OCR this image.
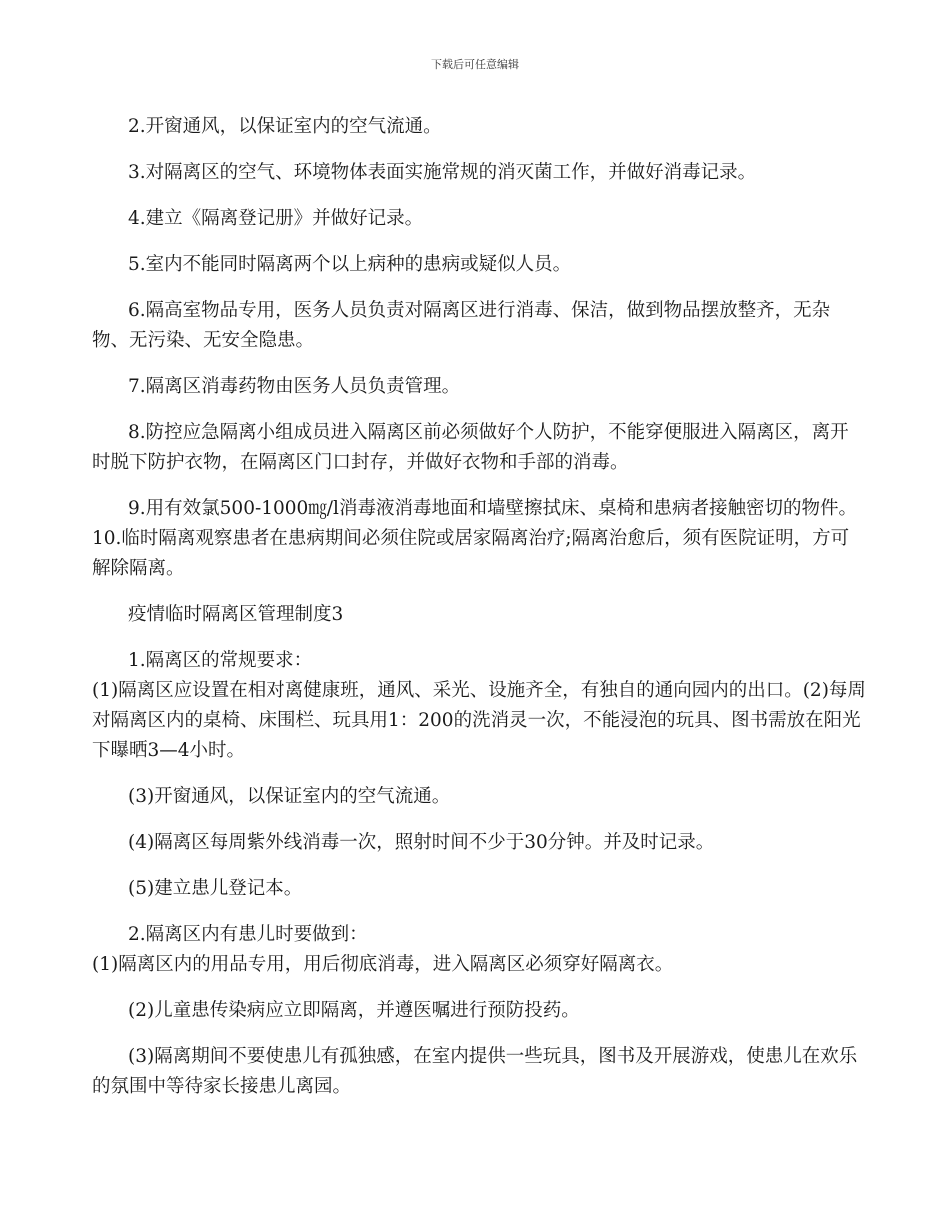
下载后可任意编辑

2.开窗通风，以保证室内的空气流通。

3.对隔离区的空气、环境物体表面实施常规的消灭菌工作，并做好消毒记录。

4.建立《隔离登记册》并做好记录。

5.室内不能同时隔离两个以上病种的患病或疑似人员。

6.隔高室物品专用，医务人员负责对隔离区进行消毒、保洁，做到物品摆放整齐，无杂物、无污染、无安全隐患。

7.隔离区消毒药物由医务人员负责管理。

8.防控应急隔离小组成员进入隔离区前必须做好个人防护，不能穿便服进入隔离区，离开时脱下防护衣物，在隔离区门口封存，并做好衣物和手部的消毒。

9.用有效氯500-1000㎎/l消毒液消毒地面和墙壁擦拭床、桌椅和患病者接触密切的物件。10.临时隔离观察患者在患病期间必须住院或居家隔离治疗;隔离治愈后，须有医院证明，方可解除隔离。

疫情临时隔离区管理制度3

1.隔离区的常规要求：

(1)隔离区应设置在相对离健康班，通风、采光、设施齐全，有独自的通向园内的出口。(2)每周对隔离区内的桌椅、床围栏、玩具用1：200的洗消灵一次，不能浸泡的玩具、图书需放在阳光下曝晒3—4小时。

(3)开窗通风，以保证室内的空气流通。

(4)隔离区每周紫外线消毒一次，照射时间不少于30分钟。并及时记录。

(5)建立患儿登记本。

2.隔离区内有患儿时要做到：

(1)隔离区内的用品专用，用后彻底消毒，进入隔离区必须穿好隔离衣。

(2)儿童患传染病应立即隔离，并遵医嘱进行预防投药。

(3)隔离期间不要使患儿有孤独感，在室内提供一些玩具，图书及开展游戏，使患儿在欢乐的氛围中等待家长接患儿离园。
